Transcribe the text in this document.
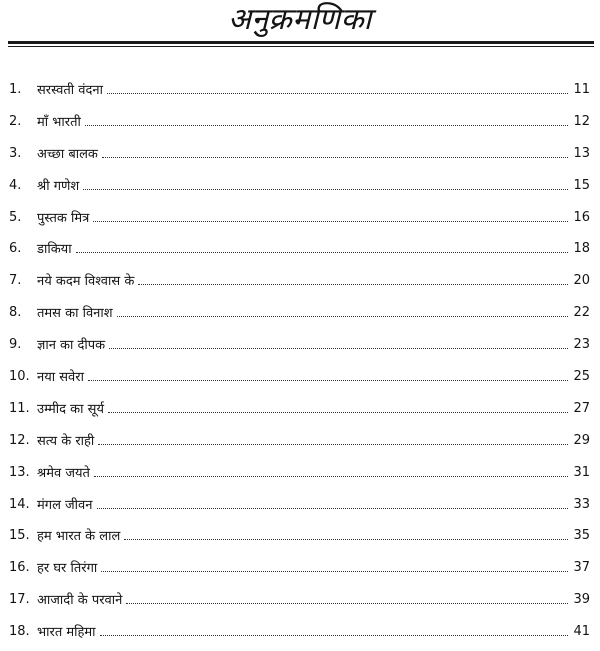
अनुक्रमणिका
1. सरस्वती वंदना	11
2. माँ भारती	12
3. अच्छा बालक	13
4. श्री गणेश	15
5. पुस्तक मित्र	16
6. डाकिया	18
7. नये कदम विश्वास के	20
8. तमस का विनाश	22
9. ज्ञान का दीपक	23
10. नया सवेरा	25
11. उम्मीद का सूर्य	27
12. सत्य के राही	29
13. श्रमेव जयते	31
14. मंगल जीवन	33
15. हम भारत के लाल	35
16. हर घर तिरंगा	37
17. आजादी के परवाने	39
18. भारत महिमा	41
